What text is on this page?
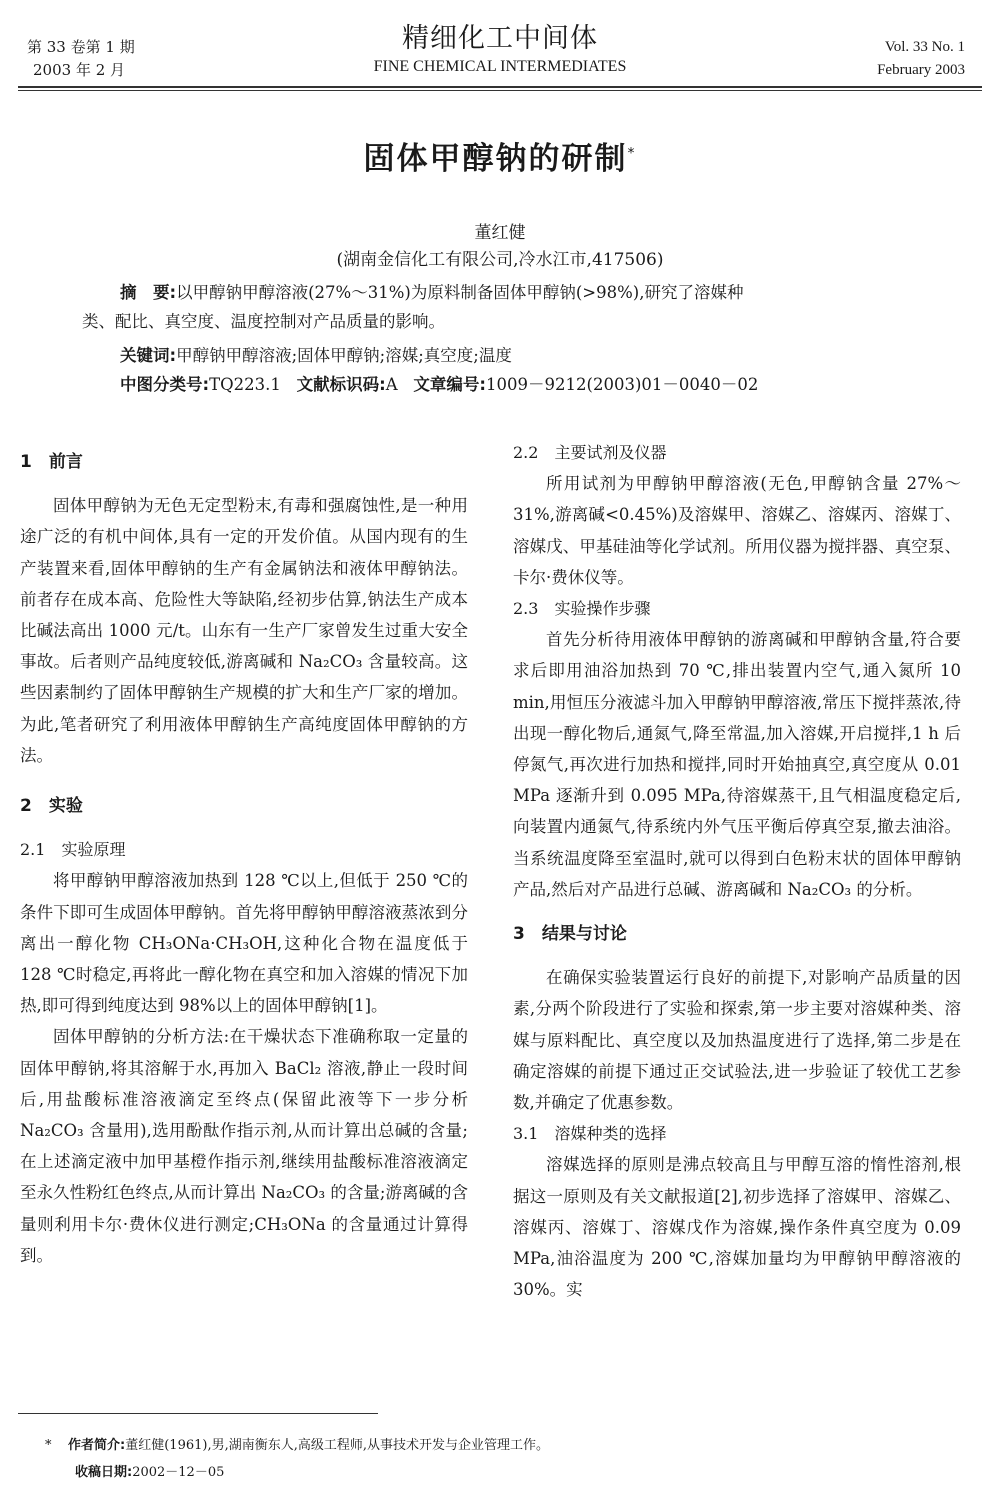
第 33 卷第 1 期
2003 年 2 月
精细化工中间体
FINE CHEMICAL INTERMEDIATES
Vol. 33 No. 1
February 2003
固体甲醇钠的研制*
董红健
(湖南金信化工有限公司,冷水江市,417506)
摘　要:以甲醇钠甲醇溶液(27%～31%)为原料制备固体甲醇钠(>98%),研究了溶媒种
类、配比、真空度、温度控制对产品质量的影响。
关键词:甲醇钠甲醇溶液;固体甲醇钠;溶媒;真空度;温度
中图分类号:TQ223.1 文献标识码:A 文章编号:1009－9212(2003)01－0040－02
1　前言

固体甲醇钠为无色无定型粉末,有毒和强腐蚀性,是一种用途广泛的有机中间体,具有一定的开发价值。从国内现有的生产装置来看,固体甲醇钠的生产有金属钠法和液体甲醇钠法。前者存在成本高、危险性大等缺陷,经初步估算,钠法生产成本比碱法高出 1000 元/t。山东有一生产厂家曾发生过重大安全事故。后者则产品纯度较低,游离碱和 Na₂CO₃ 含量较高。这些因素制约了固体甲醇钠生产规模的扩大和生产厂家的增加。为此,笔者研究了利用液体甲醇钠生产高纯度固体甲醇钠的方法。

2　实验
2.1　实验原理

将甲醇钠甲醇溶液加热到 128 ℃以上,但低于 250 ℃的条件下即可生成固体甲醇钠。首先将甲醇钠甲醇溶液蒸浓到分离出一醇化物 CH₃ONa·CH₃OH,这种化合物在温度低于 128 ℃时稳定,再将此一醇化物在真空和加入溶媒的情况下加热,即可得到纯度达到 98%以上的固体甲醇钠[1]。

固体甲醇钠的分析方法:在干燥状态下准确称取一定量的固体甲醇钠,将其溶解于水,再加入 BaCl₂ 溶液,静止一段时间后,用盐酸标准溶液滴定至终点(保留此液等下一步分析 Na₂CO₃ 含量用),选用酚酞作指示剂,从而计算出总碱的含量;在上述滴定液中加甲基橙作指示剂,继续用盐酸标准溶液滴定至永久性粉红色终点,从而计算出 Na₂CO₃ 的含量;游离碱的含量则利用卡尔·费休仪进行测定;CH₃ONa 的含量通过计算得到。

2.2　主要试剂及仪器

所用试剂为甲醇钠甲醇溶液(无色,甲醇钠含量 27%～31%,游离碱<0.45%)及溶媒甲、溶媒乙、溶媒丙、溶媒丁、溶媒戊、甲基硅油等化学试剂。所用仪器为搅拌器、真空泵、卡尔·费休仪等。

2.3　实验操作步骤

首先分析待用液体甲醇钠的游离碱和甲醇钠含量,符合要求后即用油浴加热到 70 ℃,排出装置内空气,通入氮所 10 min,用恒压分液滤斗加入甲醇钠甲醇溶液,常压下搅拌蒸浓,待出现一醇化物后,通氮气,降至常温,加入溶媒,开启搅拌,1 h 后停氮气,再次进行加热和搅拌,同时开始抽真空,真空度从 0.01 MPa 逐渐升到 0.095 MPa,待溶媒蒸干,且气相温度稳定后,向装置内通氮气,待系统内外气压平衡后停真空泵,撤去油浴。当系统温度降至室温时,就可以得到白色粉末状的固体甲醇钠产品,然后对产品进行总碱、游离碱和 Na₂CO₃ 的分析。

3　结果与讨论

在确保实验装置运行良好的前提下,对影响产品质量的因素,分两个阶段进行了实验和探索,第一步主要对溶媒种类、溶媒与原料配比、真空度以及加热温度进行了选择,第二步是在确定溶媒的前提下通过正交试验法,进一步验证了较优工艺参数,并确定了优惠参数。

3.1　溶媒种类的选择

溶媒选择的原则是沸点较高且与甲醇互溶的惰性溶剂,根据这一原则及有关文献报道[2],初步选择了溶媒甲、溶媒乙、溶媒丙、溶媒丁、溶媒戊作为溶媒,操作条件真空度为 0.09 MPa,油浴温度为 200 ℃,溶媒加量均为甲醇钠甲醇溶液的 30%。实

* 作者简介:董红健(1961),男,湖南衡东人,高级工程师,从事技术开发与企业管理工作。
收稿日期:2002－12－05
